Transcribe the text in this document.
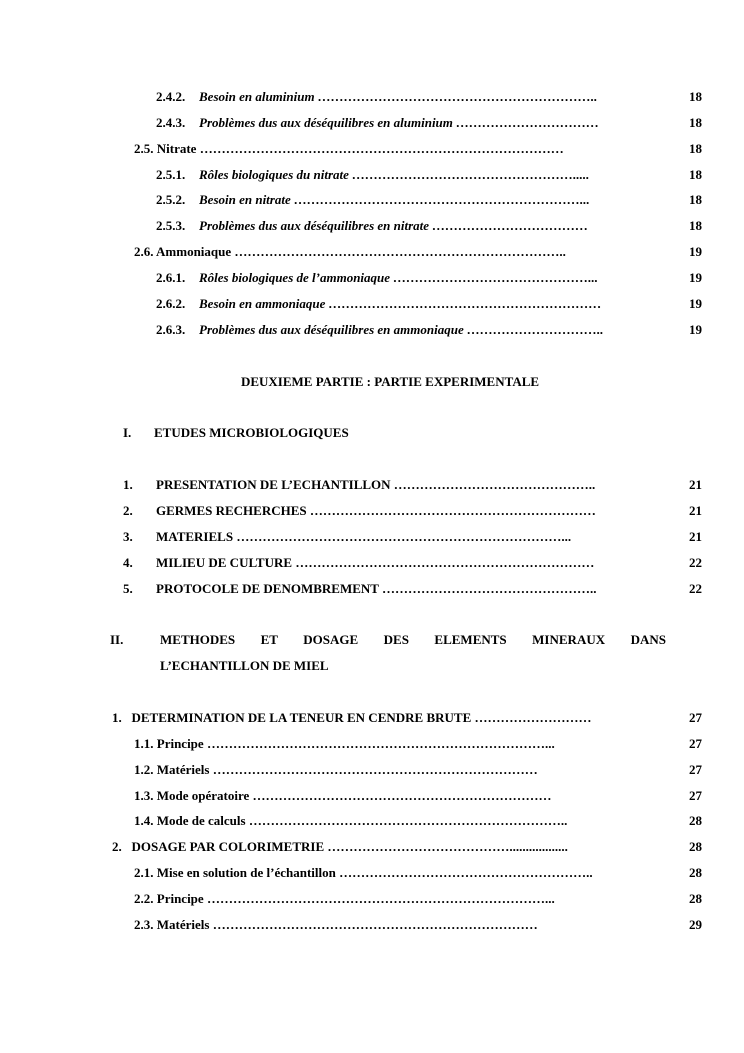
2.4.2. Besoin en aluminium ………………………………………………………..	18
2.4.3. Problèmes dus aux déséquilibres en aluminium ……………………………	18
2.5. Nitrate …………………………………………………………………………	18
2.5.1. Rôles biologiques du nitrate …………………………………………….....	18
2.5.2. Besoin en nitrate …………………………………………………………...	18
2.5.3. Problèmes dus aux déséquilibres en nitrate ………………………………	18
2.6. Ammoniaque …………………………………………………………………..	19
2.6.1. Rôles biologiques de l’ammoniaque ………………………………………...	19
2.6.2. Besoin en ammoniaque ………………………………………………………	19
2.6.3. Problèmes dus aux déséquilibres en ammoniaque …………………………..	19
DEUXIEME PARTIE : PARTIE EXPERIMENTALE
I. ETUDES MICROBIOLOGIQUES
1. PRESENTATION DE L’ECHANTILLON ………………………………………..	21
2. GERMES RECHERCHES …………………………………………………………	21
3. MATERIELS …………………………………………………………………...	21
4. MILIEU DE CULTURE ……………………………………………………………	22
5. PROTOCOLE DE DENOMBREMENT …………………………………………..	22
II.	METHODES ET DOSAGE DES ELEMENTS MINERAUX DANS
L’ECHANTILLON DE MIEL
1.   DETERMINATION DE LA TENEUR EN CENDRE BRUTE ………………………	27
1.1. Principe ……………………………………………………………………...	27
1.2. Matériels …………………………………………………………………	27
1.3. Mode opératoire ……………………………………………………………	27
1.4. Mode de calculs ………………………………………………………………..	28
2.   DOSAGE PAR COLORIMETRIE ……………………………………..................	28
2.1. Mise en solution de l’échantillon …………………………………………………..	28
2.2. Principe ……………………………………………………………………...	28
2.3. Matériels …………………………………………………………………	29
